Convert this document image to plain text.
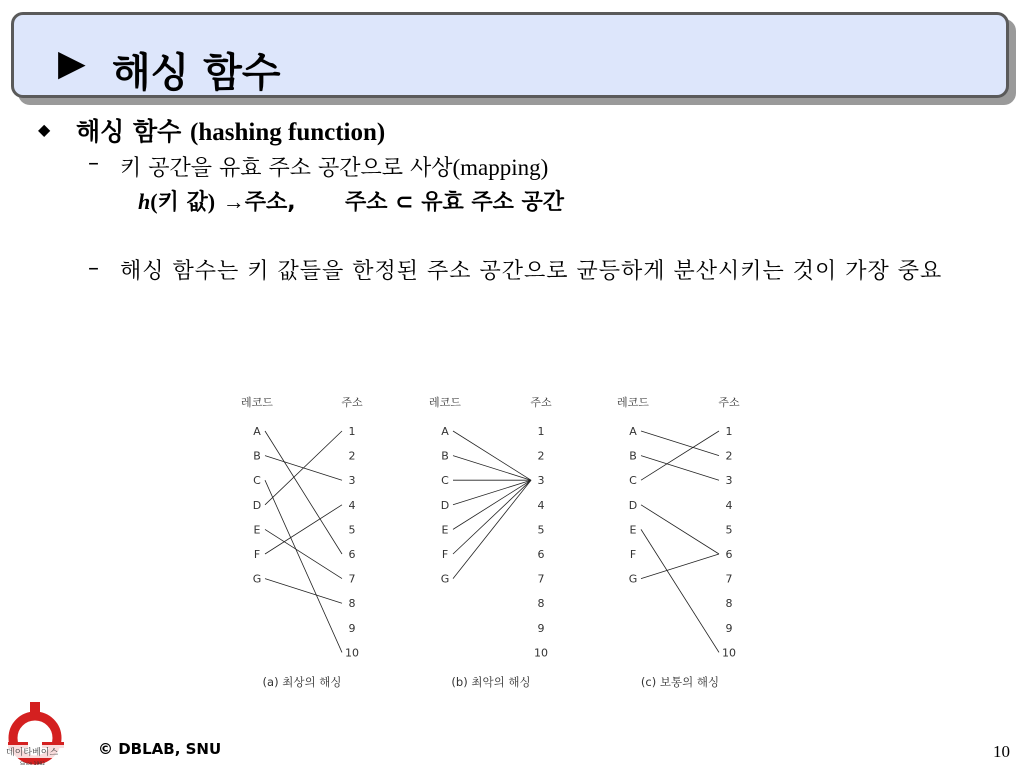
▶ 해싱 함수
◆ 해싱 함수 (hashing function)
– 키 공간을 유효 주소 공간으로 사상(mapping)
h(키 값) →주소, 주소 ⊂ 유효 주소 공간
– 해싱 함수는 키 값들을 한정된 주소 공간으로 균등하게 분산시키는 것이 가장 중요
레코드	주소
A
B
C
D
E
F
G
1
2
3
4
5
6
7
8
9
10
(a) 최상의 해싱
레코드	주소
A
B
C
D
E
F
G
1
2
3
4
5
6
7
8
9
10
(b) 최악의 해싱
레코드	주소
A
B
C
D
E
F
G
1
2
3
4
5
6
7
8
9
10
(c) 보통의 해싱
데이타베이스
Since 1982
© DBLAB, SNU	10
